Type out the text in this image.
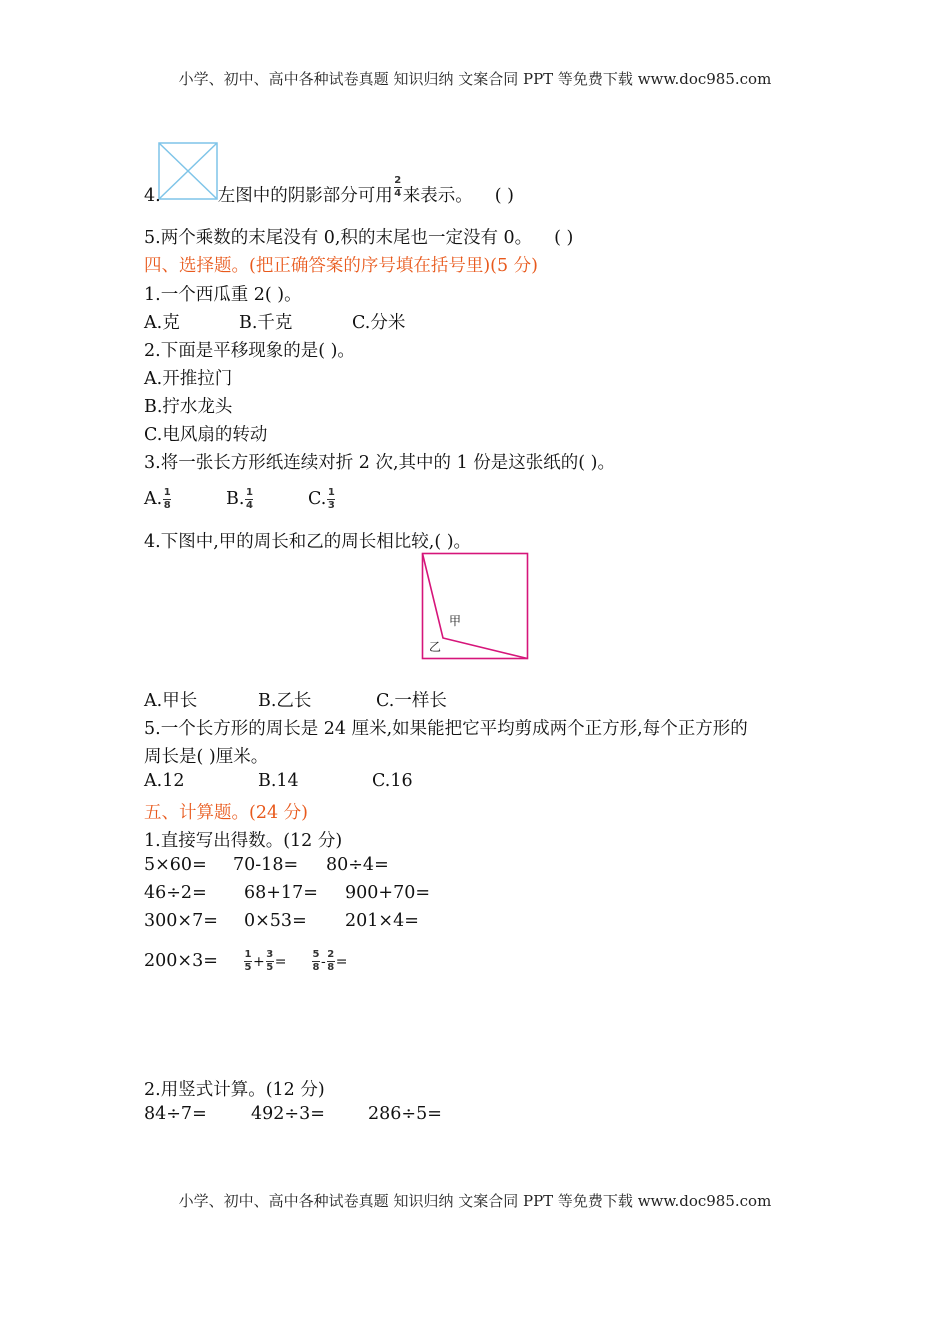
小学、初中、高中各种试卷真题 知识归纳 文案合同 PPT 等免费下载 www.doc985.com
4.	左图中的阴影部分可用 $\frac{2}{4}$ 来表示。 ( )
5.两个乘数的末尾没有 0,积的末尾也一定没有 0。 ( )
四、选择题。(把正确答案的序号填在括号里)(5 分)
1.一个西瓜重 2( )。
A.克	B.千克	C.分米
2.下面是平移现象的是( )。
A.开推拉门
B.拧水龙头
C.电风扇的转动
3.将一张长方形纸连续对折 2 次,其中的 1 份是这张纸的( )。
A. $\frac{1}{8}$	B. $\frac{1}{4}$	C. $\frac{1}{3}$
4.下图中,甲的周长和乙的周长相比较,( )。
甲
乙
A.甲长	B.乙长	C.一样长
5.一个长方形的周长是 24 厘米,如果能把它平均剪成两个正方形,每个正方形的
周长是( )厘米。
A.12	B.14	C.16
五、计算题。(24 分)
1.直接写出得数。(12 分)
5×60= 70-18= 80÷4=
46÷2= 68+17= 900+70=
300×7= 0×53= 201×4=
200×3=	$\frac{1}{5} + \frac{3}{5}$ =	$\frac{5}{8} - \frac{2}{8}$ =
2.用竖式计算。(12 分)
84÷7=	492÷3= 286÷5=
小学、初中、高中各种试卷真题 知识归纳 文案合同 PPT 等免费下载 www.doc985.com
